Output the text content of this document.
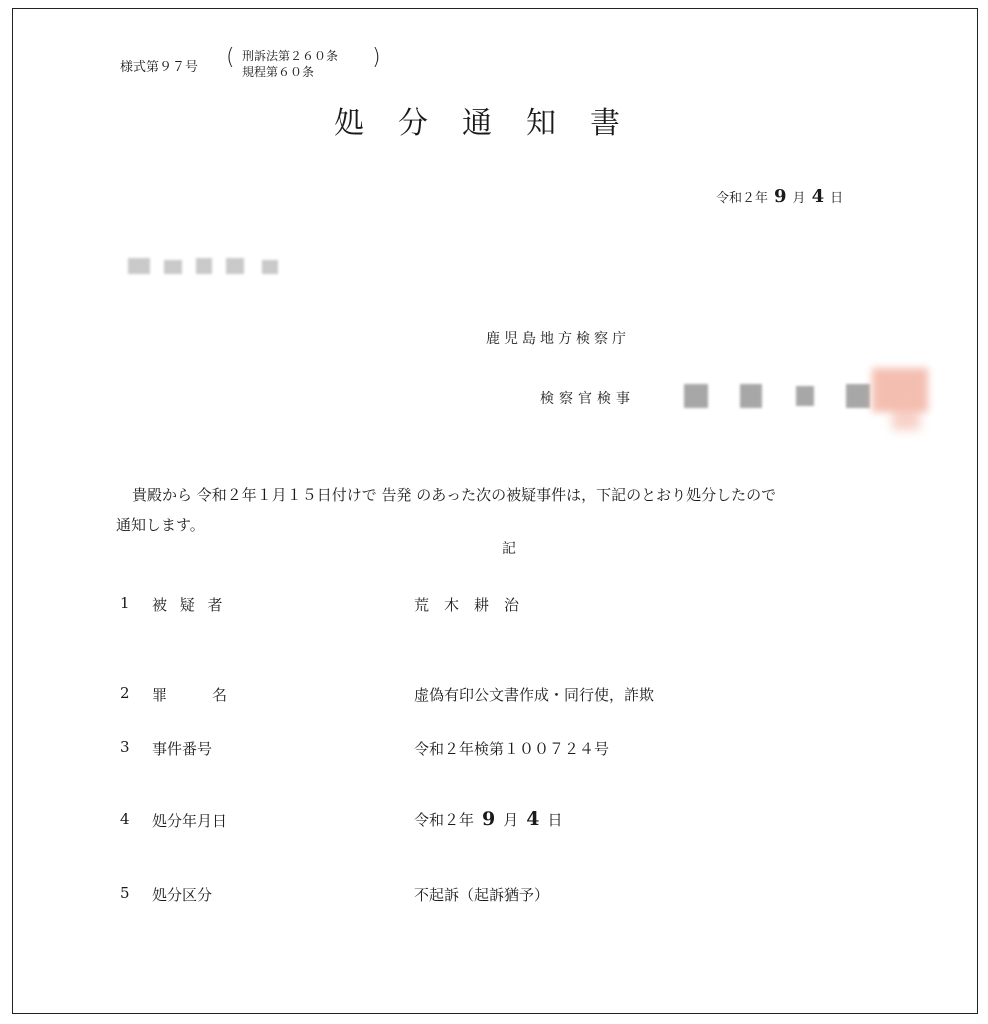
様式第９７号 ( 刑訴法第２６０条
規程第６０条
)
処分通知書
令和２年 9 月 4 日
鹿児島地方検察庁
検察官検事
貴殿から 令和２年１月１５日付けで 告発 のあった次の被疑事件は，下記のとおり処分したので
通知します。
記
1 被 疑 者	荒　木　耕　治
2 罪　　　名	虚偽有印公文書作成・同行使，詐欺
3 事件番号	令和２年検第１００７２４号
4 処分年月日	令和２年 9 月 4 日
5 処分区分	不起訴（起訴猶予）
